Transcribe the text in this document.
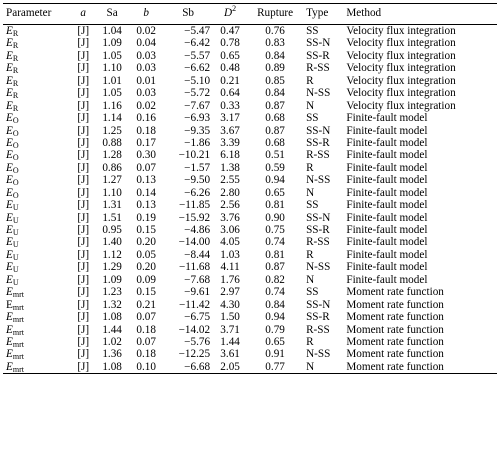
Parameter	a	Sa	b	Sb	$D^2$	Rupture	Type	Method
$E_R$	[J]	1.04	0.02	−5.47	0.47	0.76	SS	Velocity flux integration
$E_R$	[J]	1.09	0.04	−6.42	0.78	0.83	SS-N	Velocity flux integration
$E_R$	[J]	1.05	0.03	−5.57	0.65	0.84	SS-R	Velocity flux integration
$E_R$	[J]	1.10	0.03	−6.62	0.48	0.89	R-SS	Velocity flux integration
$E_R$	[J]	1.01	0.01	−5.10	0.21	0.85	R	Velocity flux integration
$E_R$	[J]	1.05	0.03	−5.72	0.64	0.84	N-SS	Velocity flux integration
$E_R$	[J]	1.16	0.02	−7.67	0.33	0.87	N	Velocity flux integration
$E_O$	[J]	1.14	0.16	−6.93	3.17	0.68	SS	Finite-fault model
$E_O$	[J]	1.25	0.18	−9.35	3.67	0.87	SS-N	Finite-fault model
$E_O$	[J]	0.88	0.17	−1.86	3.39	0.68	SS-R	Finite-fault model
$E_O$	[J]	1.28	0.30	−10.21	6.18	0.51	R-SS	Finite-fault model
$E_O$	[J]	0.86	0.07	−1.57	1.38	0.59	R	Finite-fault model
$E_O$	[J]	1.27	0.13	−9.50	2.55	0.94	N-SS	Finite-fault model
$E_O$	[J]	1.10	0.14	−6.26	2.80	0.65	N	Finite-fault model
$E_U$	[J]	1.31	0.13	−11.85	2.56	0.81	SS	Finite-fault model
$E_U$	[J]	1.51	0.19	−15.92	3.76	0.90	SS-N	Finite-fault model
$E_U$	[J]	0.95	0.15	−4.86	3.06	0.75	SS-R	Finite-fault model
$E_U$	[J]	1.40	0.20	−14.00	4.05	0.74	R-SS	Finite-fault model
$E_U$	[J]	1.12	0.05	−8.44	1.03	0.81	R	Finite-fault model
$E_U$	[J]	1.29	0.20	−11.68	4.11	0.87	N-SS	Finite-fault model
$E_U$	[J]	1.09	0.09	−7.68	1.76	0.82	N	Finite-fault model
$E_{mrt}$	[J]	1.23	0.15	−9.61	2.97	0.74	SS	Moment rate function
$E_{mrt}$	[J]	1.32	0.21	−11.42	4.30	0.84	SS-N	Moment rate function
$E_{mrt}$	[J]	1.08	0.07	−6.75	1.50	0.94	SS-R	Moment rate function
$E_{mrt}$	[J]	1.44	0.18	−14.02	3.71	0.79	R-SS	Moment rate function
$E_{mrt}$	[J]	1.02	0.07	−5.76	1.44	0.65	R	Moment rate function
$E_{mrt}$	[J]	1.36	0.18	−12.25	3.61	0.91	N-SS	Moment rate function
$E_{mrt}$	[J]	1.08	0.10	−6.68	2.05	0.77	N	Moment rate function
